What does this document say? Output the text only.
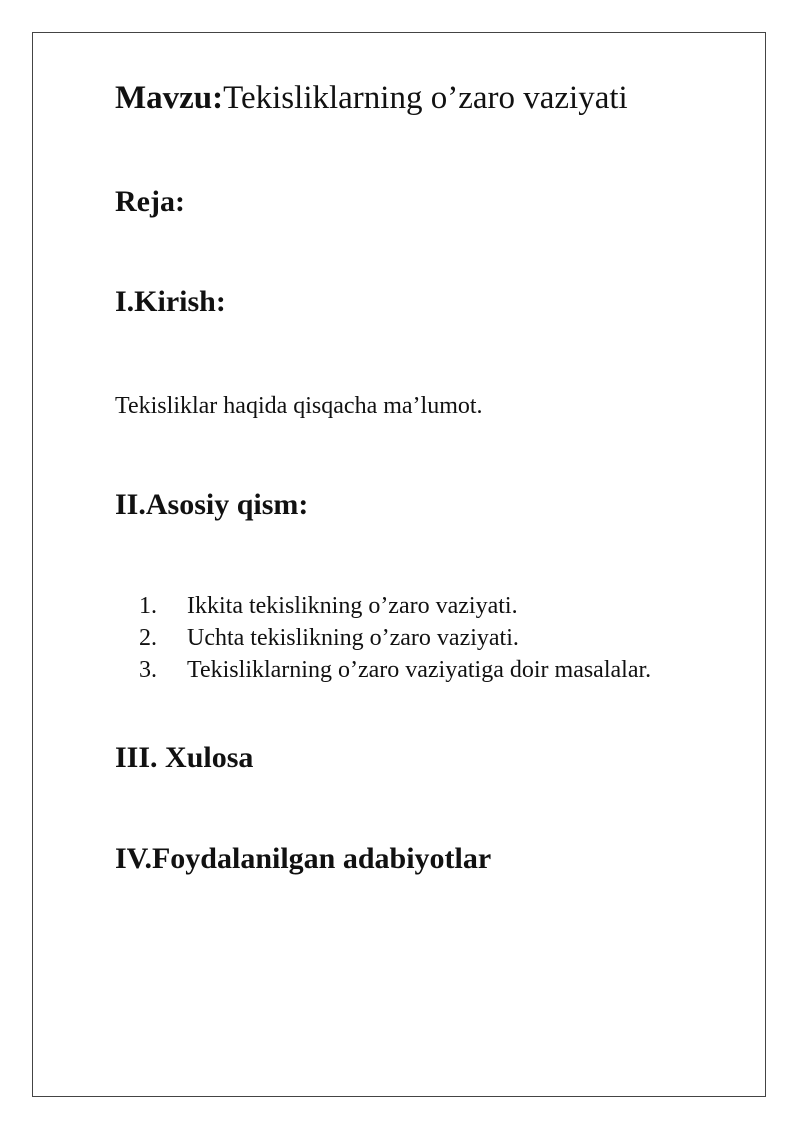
Mavzu:Tekisliklarning o’zaro vaziyati
Reja:
I.Kirish:
Tekisliklar haqida qisqacha ma’lumot.
II.Asosiy qism:
1. Ikkita tekislikning o’zaro vaziyati.
2. Uchta tekislikning o’zaro vaziyati.
3. Tekisliklarning o’zaro vaziyatiga doir masalalar.
III. Xulosa
IV.Foydalanilgan adabiyotlar
